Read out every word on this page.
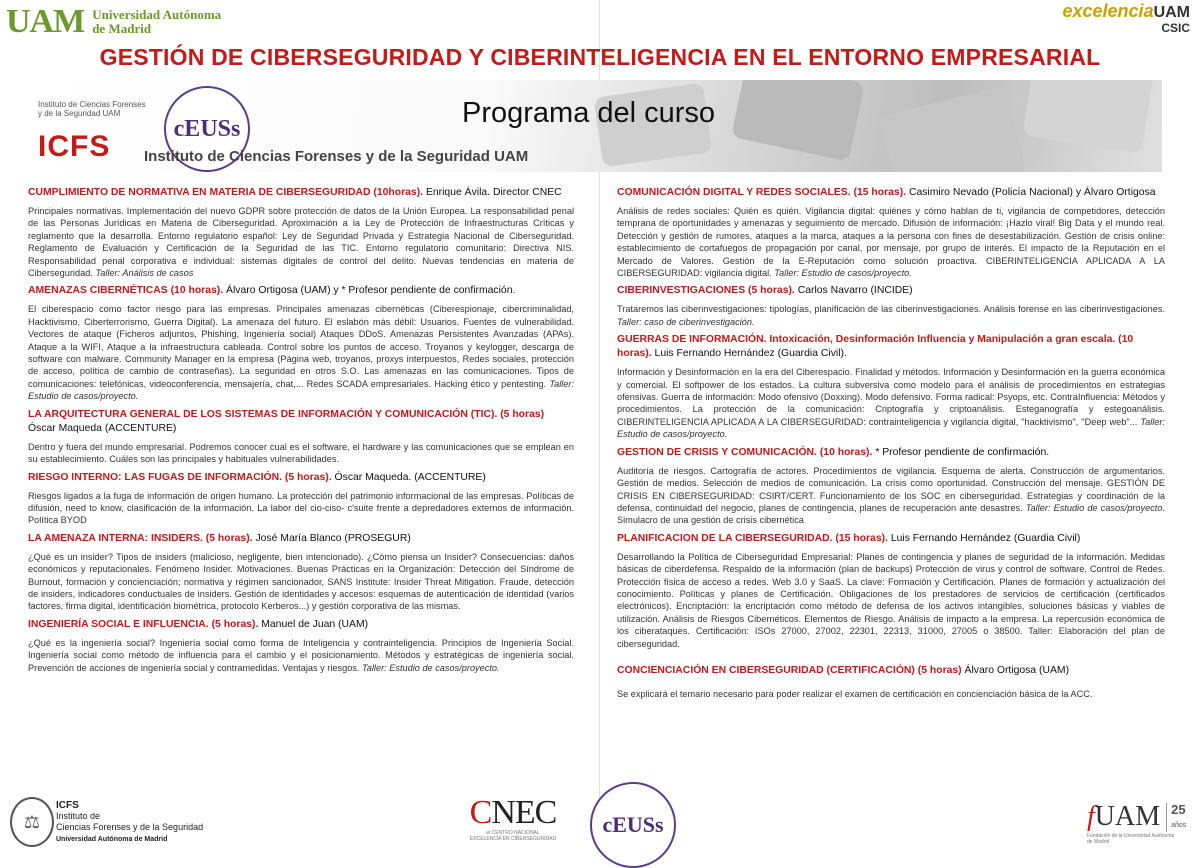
UAM Universidad Autónoma
de Madrid
excelenciaUAM
CSIC
GESTIÓN DE CIBERSEGURIDAD Y CIBERINTELIGENCIA EN EL ENTORNO EMPRESARIAL
cEUSs	Programa del curso
Instituto de Ciencias Forenses
y de la Seguridad UAM
ICFS Instituto de Ciencias Forenses y de la Seguridad UAM
CUMPLIMIENTO DE NORMATIVA EN MATERIA DE CIBERSEGURIDAD (10horas). Enrique Ávila. Director CNEC
Principales normativas. Implementación del nuevo GDPR sobre protección de datos de la Unión Europea. La responsabilidad penal de las Personas Jurídicas en Materia de Ciberseguridad. Aproximación a la Ley de Protección de Infraestructuras Críticas y reglamento que la desarrolla. Entorno regulatorio español: Ley de Seguridad Privada y Estrategia Nacional de Ciberseguridad. Reglamento de Evaluación y Certificación de la Seguridad de las TIC. Entorno regulatorio comunitario: Directiva NIS. Responsabilidad penal corporativa e individual: sistemas digitales de control del delito. Nuevas tendencias en materia de Ciberseguridad. Taller: Análisis de casos
AMENAZAS CIBERNÉTICAS (10 horas). Álvaro Ortigosa (UAM) y * Profesor pendiente de confirmación.
El ciberespacio como factor riesgo para las empresas. Principales amenazas cibernéticas (Ciberespionaje, cibercriminalidad, Hacktivismo, Ciberterrorismo, Guerra Digital). La amenaza del futuro. El eslabón más débil: Usuarios. Fuentes de vulnerabilidad. Vectores de ataque (Ficheros adjuntos, Phishing, Ingeniería social) Ataques DDoS. Amenazas Persistentes Avanzadas (APAs). Ataque a la WIFI, Ataque a la infraestructura cableada. Control sobre los puntos de acceso. Troyanos y keylogger, descarga de software con malware. Community Manager en la empresa (Página web, troyanos, proxys interpuestos, Redes sociales, protección de acceso, política de cambio de contraseñas). La seguridad en otros S.O. Las amenazas en las comunicaciones. Tipos de comunicaciones: telefónicas, videoconferencia, mensajería, chat,... Redes SCADA empresariales. Hacking ético y pentesting. Taller: Estudio de casos/proyecto.
LA ARQUITECTURA GENERAL DE LOS SISTEMAS DE INFORMACIÓN Y COMUNICACIÓN (TIC). (5 horas) Óscar Maqueda (ACCENTURE)
Dentro y fuera del mundo empresarial. Podremos conocer cual es el software, el hardware y las comunicaciones que se emplean en su establecimiento. Cuáles son las principales y habituales vulnerabilidades.
RIESGO INTERNO: LAS FUGAS DE INFORMACIÓN. (5 horas). Óscar Maqueda. (ACCENTURE)
Riesgos ligados a la fuga de información de origen humano. La protección del patrimonio informacional de las empresas. Políticas de difusión, need to know, clasificación de la información. La labor del cio-ciso- c'suite frente a depredadores externos de información. Política BYOD
LA AMENAZA INTERNA: INSIDERS. (5 horas). José María Blanco (PROSEGUR)
¿Qué es un insider? Tipos de insiders (malicioso, negligente, bien intencionado). ¿Cómo piensa un Insider? Consecuencias: daños económicos y reputacionales. Fenómeno Insider. Motivaciones. Buenas Prácticas en la Organización: Detección del Síndrome de Burnout, formación y concienciación; normativa y régimen sancionador, SANS Institute: Insider Threat Mitigation. Fraude, detección de insiders, indicadores conductuales de insiders. Gestión de identidades y accesos: esquemas de autenticación de identidad (varios factores, firma digital, identificación biométrica, protocolo Kerberos...) y gestión corporativa de las mismas.
INGENIERÍA SOCIAL E INFLUENCIA. (5 horas). Manuel de Juan (UAM)
¿Qué es la ingeniería social? Ingeniería social como forma de Inteligencia y contrainteligencia. Principios de Ingeniería Social. Ingeniería social como método de influencia para el cambio y el posicionamiento. Métodos y estratégicas de ingeniería social. Prevención de acciones de ingeniería social y contramedidas. Ventajas y riesgos. Taller: Estudio de casos/proyecto.
COMUNICACIÓN DIGITAL Y REDES SOCIALES. (15 horas). Casimiro Nevado (Policía Nacional) y Álvaro Ortigosa
Análisis de redes sociales: Quién es quién. Vigilancia digital: quiénes y cómo hablan de ti, vigilancia de competidores, detección temprana de oportunidades y amenazas y seguimiento de mercado. Difusión de información: ¡Hazlo viral! Big Data y el mundo real. Detección y gestión de rumores, ataques a la marca, ataques a la persona con fines de desestabilización. Gestión de crisis online: establecimiento de cortafuegos de propagación por canal, por mensaje, por grupo de interés. El impacto de la Reputación en el Mercado de Valores. Gestión de la E-Reputación como solución proactiva. CIBERINTELIGENCIA APLICADA A LA CIBERSEGURIDAD: vigilancia digital. Taller: Estudio de casos/proyecto.
CIBERINVESTIGACIONES (5 horas). Carlos Navarro (INCIDE)
Trataremos las ciberinvestigaciones: tipologías, planificación de las ciberinvestigaciones. Análisis forense en las ciberinvestigaciones. Taller: caso de ciberinvestigación.
GUERRAS DE INFORMACIÓN. Intoxicación, Desinformación Influencia y Manipulación a gran escala. (10 horas). Luis Fernando Hernández (Guardia Civil).
Información y Desinformación en la era del Ciberespacio. Finalidad y métodos. Información y Desinformación en la guerra económica y comercial. El softpower de los estados. La cultura subversiva como modelo para el análisis de procedimientos en estrategias ofensivas. Guerra de información: Modo ofensivo (Doxxing). Modo defensivo. Forma radical: Psyops, etc. ContraInfluencia: Métodos y procedimientos. La protección de la comunicación: Criptografía y criptoanálisis. Esteganografía y estegoanálisis. CIBERINTELIGENCIA APLICADA A LA CIBERSEGURIDAD: contrainteligencia y vigilancia digital, "hacktivismo", "Deep web"... Taller: Estudio de casos/proyecto.
GESTION DE CRISIS Y COMUNICACIÓN. (10 horas). * Profesor pendiente de confirmación.
Auditoría de riesgos. Cartografía de actores. Procedimientos de vigilancia. Esquema de alerta. Construcción de argumentarios. Gestión de medios. Selección de medios de comunicación. La crisis como oportunidad. Construcción del mensaje. GESTIÓN DE CRISIS EN CIBERSEGURIDAD: CSIRT/CERT. Funcionamiento de los SOC en ciberseguridad. Estrategias y coordinación de la defensa, continuidad del negocio, planes de contingencia, planes de recuperación ante desastres. Taller: Estudio de casos/proyecto. Simulacro de una gestión de crisis cibernética
PLANIFICACION DE LA CIBERSEGURIDAD. (15 horas). Luis Fernando Hernández (Guardia Civil)
Desarrollando la Política de Ciberseguridad Empresarial: Planes de contingencia y planes de seguridad de la información. Medidas básicas de ciberdefensa. Respaldo de la información (plan de backups) Protección de virus y control de software. Control de Redes. Protección física de acceso a redes. Web 3.0 y SaaS. La clave: Formación y Certificación. Planes de formación y actualización del conocimiento. Políticas y planes de Certificación. Obligaciones de los prestadores de servicios de certificación (certificados electrónicos). Encriptación: la encriptación como método de defensa de los activos intangibles, soluciones básicas y viables de utilización. Análisis de Riesgos Cibernéticos. Elementos de Riesgo. Análisis de impacto a la empresa. La repercusión económica de los ciberataques. Certificación: ISOs 27000, 27002, 22301, 22313, 31000, 27005 o 38500. Taller: Elaboración del plan de ciberseguridad.
CONCIENCIACIÓN EN CIBERSEGURIDAD (CERTIFICACIÓN) (5 horas) Álvaro Ortigosa (UAM)
Se explicará el temario necesario para poder realizar el examen de certificación en concienciación básica de la ACC.
⚖
ICFS
Instituto de
Ciencias Forenses y de la Seguridad
Universidad Autónoma de Madrid
CNEC
el CENTRO NACIONAL
EXCELENCIA EN CIBERSEGURIDAD
cEUSs	fUAM 25
años
Fundación de la Universidad Autónoma de Madrid
